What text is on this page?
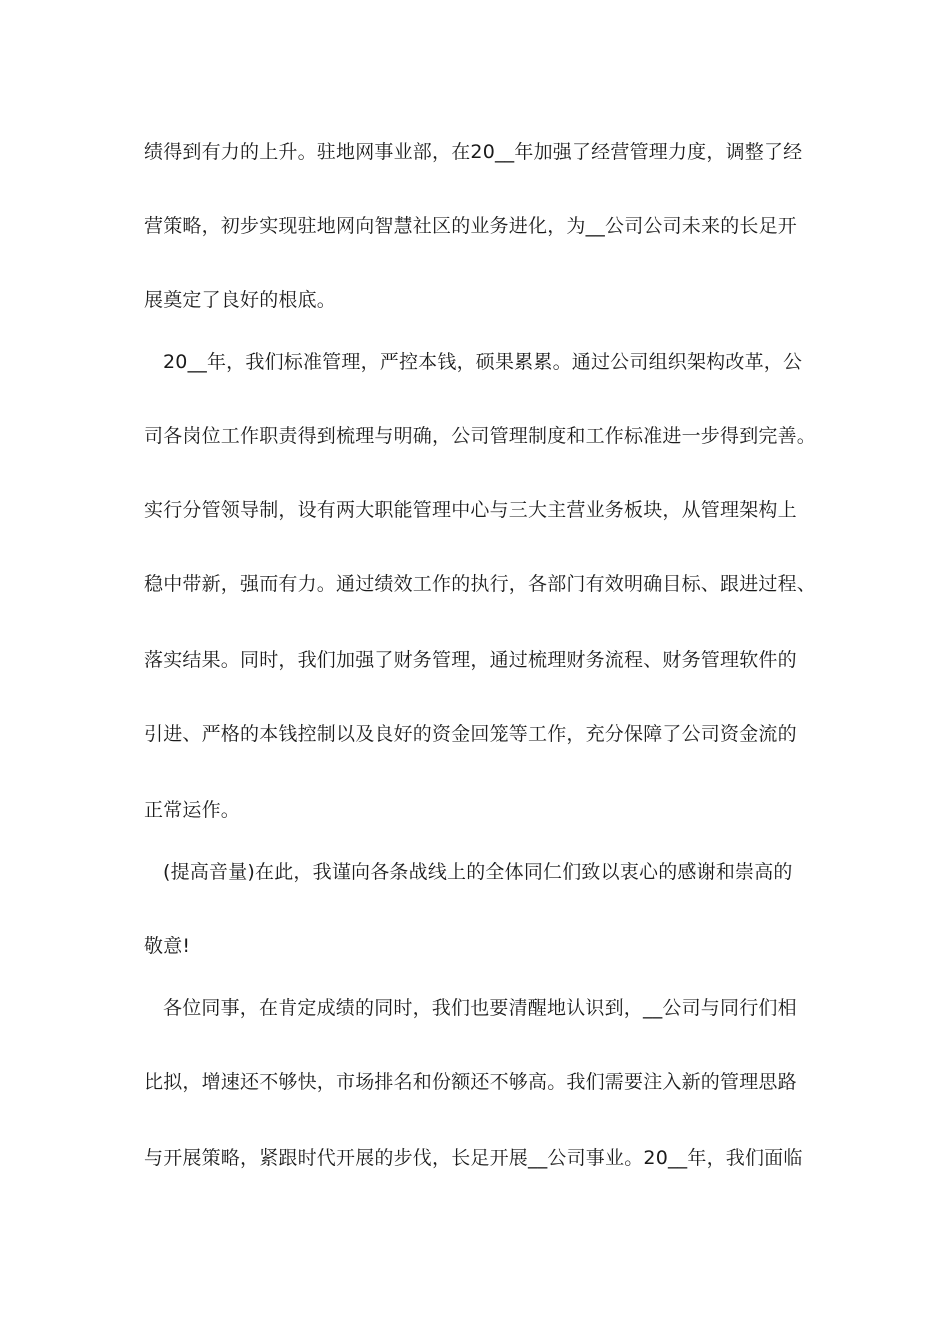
绩得到有力的上升。驻地网事业部，在20__年加强了经营管理力度，调整了经
营策略，初步实现驻地网向智慧社区的业务进化，为__公司公司未来的长足开
展奠定了良好的根底。
20__年，我们标准管理，严控本钱，硕果累累。通过公司组织架构改革，公
司各岗位工作职责得到梳理与明确，公司管理制度和工作标准进一步得到完善。
实行分管领导制，设有两大职能管理中心与三大主营业务板块，从管理架构上
稳中带新，强而有力。通过绩效工作的执行，各部门有效明确目标、跟进过程、
落实结果。同时，我们加强了财务管理，通过梳理财务流程、财务管理软件的
引进、严格的本钱控制以及良好的资金回笼等工作，充分保障了公司资金流的
正常运作。
(提高音量)在此，我谨向各条战线上的全体同仁们致以衷心的感谢和崇高的
敬意!
各位同事，在肯定成绩的同时，我们也要清醒地认识到，__公司与同行们相
比拟，增速还不够快，市场排名和份额还不够高。我们需要注入新的管理思路
与开展策略，紧跟时代开展的步伐，长足开展__公司事业。20__年，我们面临
